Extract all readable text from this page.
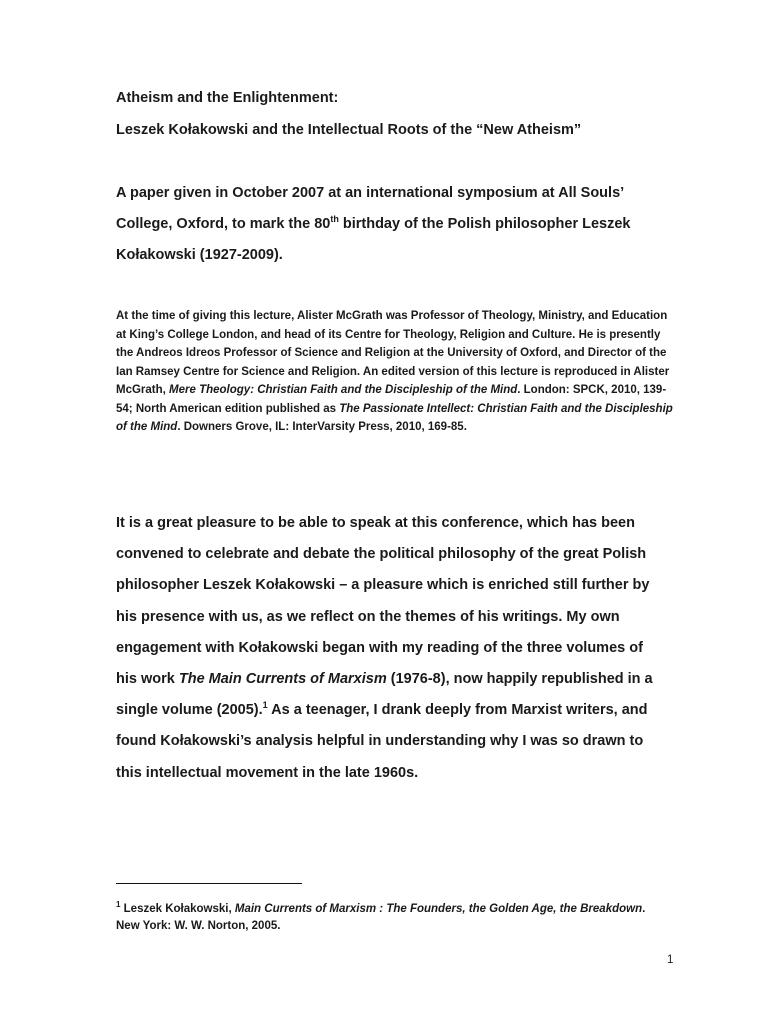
Atheism and the Enlightenment:
Leszek Kołakowski and the Intellectual Roots of the “New Atheism”

A paper given in October 2007 at an international symposium at All Souls’ College, Oxford, to mark the 80th birthday of the Polish philosopher Leszek Kołakowski (1927-2009).

At the time of giving this lecture, Alister McGrath was Professor of Theology, Ministry, and Education at King’s College London, and head of its Centre for Theology, Religion and Culture. He is presently the Andreos Idreos Professor of Science and Religion at the University of Oxford, and Director of the Ian Ramsey Centre for Science and Religion. An edited version of this lecture is reproduced in Alister McGrath, Mere Theology: Christian Faith and the Discipleship of the Mind. London: SPCK, 2010, 139-54; North American edition published as The Passionate Intellect: Christian Faith and the Discipleship of the Mind. Downers Grove, IL: InterVarsity Press, 2010, 169-85.

It is a great pleasure to be able to speak at this conference, which has been convened to celebrate and debate the political philosophy of the great Polish philosopher Leszek Kołakowski – a pleasure which is enriched still further by his presence with us, as we reflect on the themes of his writings. My own engagement with Kołakowski began with my reading of the three volumes of his work The Main Currents of Marxism (1976-8), now happily republished in a single volume (2005).$^1$ As a teenager, I drank deeply from Marxist writers, and found Kołakowski’s analysis helpful in understanding why I was so drawn to this intellectual movement in the late 1960s.

$^1$ Leszek Kołakowski, Main Currents of Marxism : The Founders, the Golden Age, the Breakdown. New York: W. W. Norton, 2005.

1
